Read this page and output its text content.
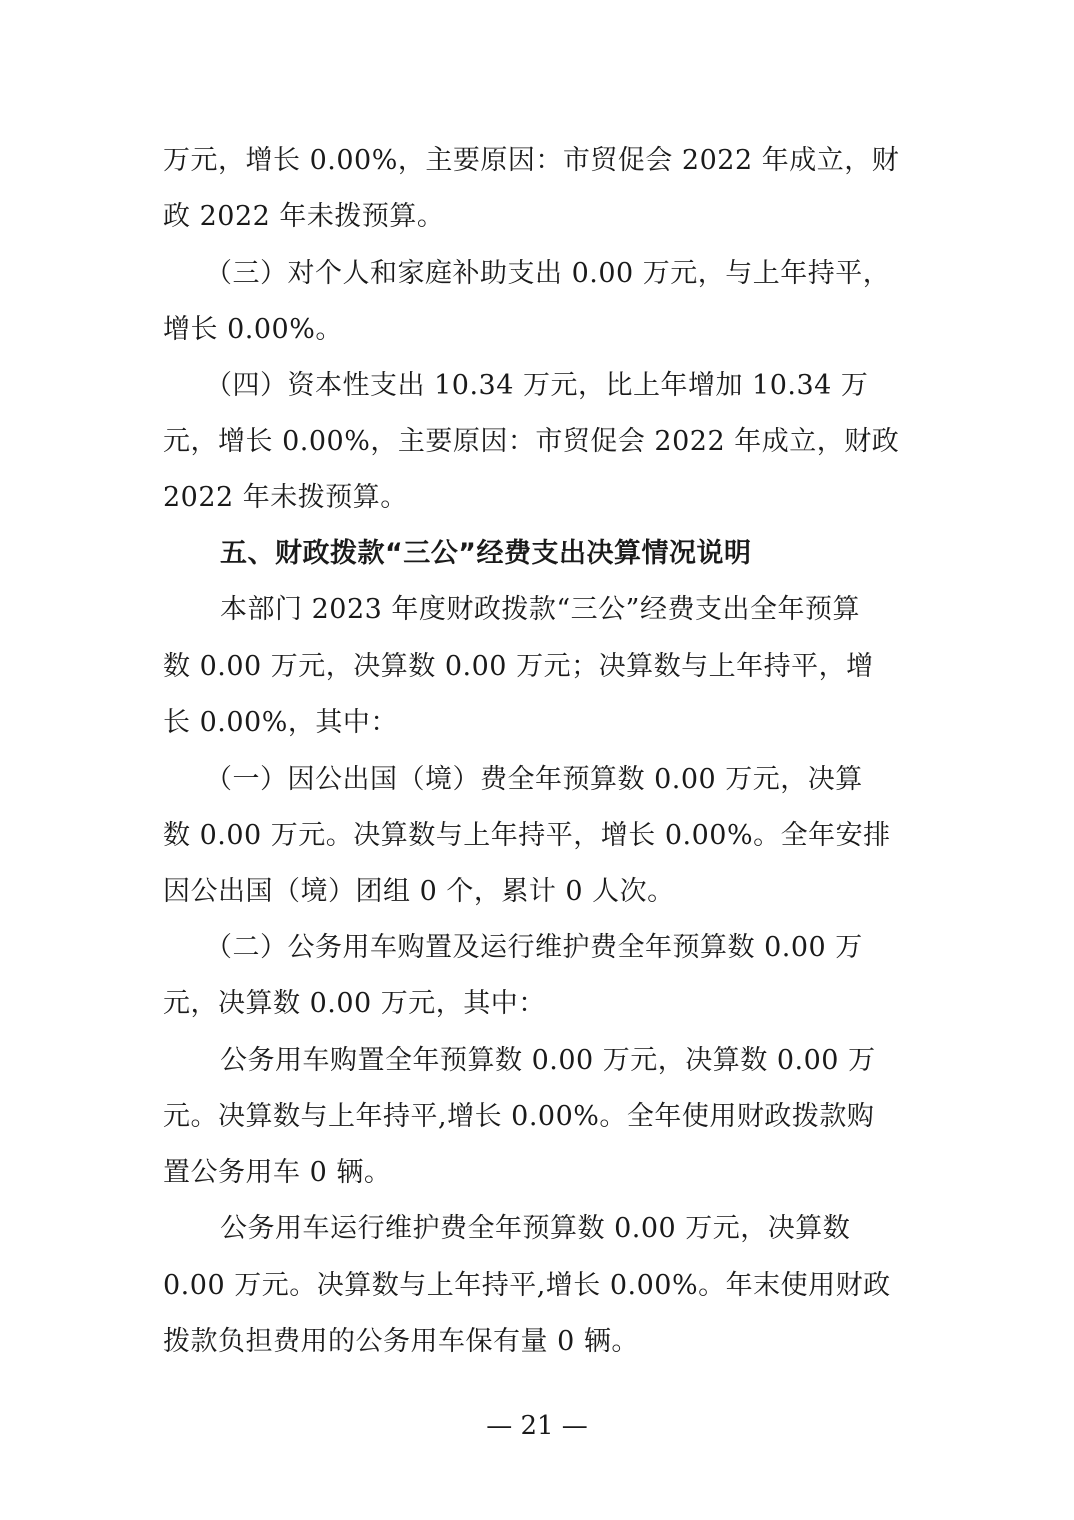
万元，增长 0.00%，主要原因：市贸促会 2022 年成立，财
政 2022 年未拨预算。
（三）对个人和家庭补助支出 0.00 万元，与上年持平，
增长 0.00%。
（四）资本性支出 10.34 万元，比上年增加 10.34 万
元，增长 0.00%，主要原因：市贸促会 2022 年成立，财政
2022 年未拨预算。
五、财政拨款“三公”经费支出决算情况说明
本部门 2023 年度财政拨款“三公”经费支出全年预算
数 0.00 万元，决算数 0.00 万元；决算数与上年持平，增
长 0.00%，其中：
（一）因公出国（境）费全年预算数 0.00 万元，决算
数 0.00 万元。决算数与上年持平，增长 0.00%。全年安排
因公出国（境）团组 0 个，累计 0 人次。
（二）公务用车购置及运行维护费全年预算数 0.00 万
元，决算数 0.00 万元，其中：
公务用车购置全年预算数 0.00 万元，决算数 0.00 万
元。决算数与上年持平,增长 0.00%。全年使用财政拨款购
置公务用车 0 辆。
公务用车运行维护费全年预算数 0.00 万元，决算数
0.00 万元。决算数与上年持平,增长 0.00%。年末使用财政
拨款负担费用的公务用车保有量 0 辆。
— 21 —
